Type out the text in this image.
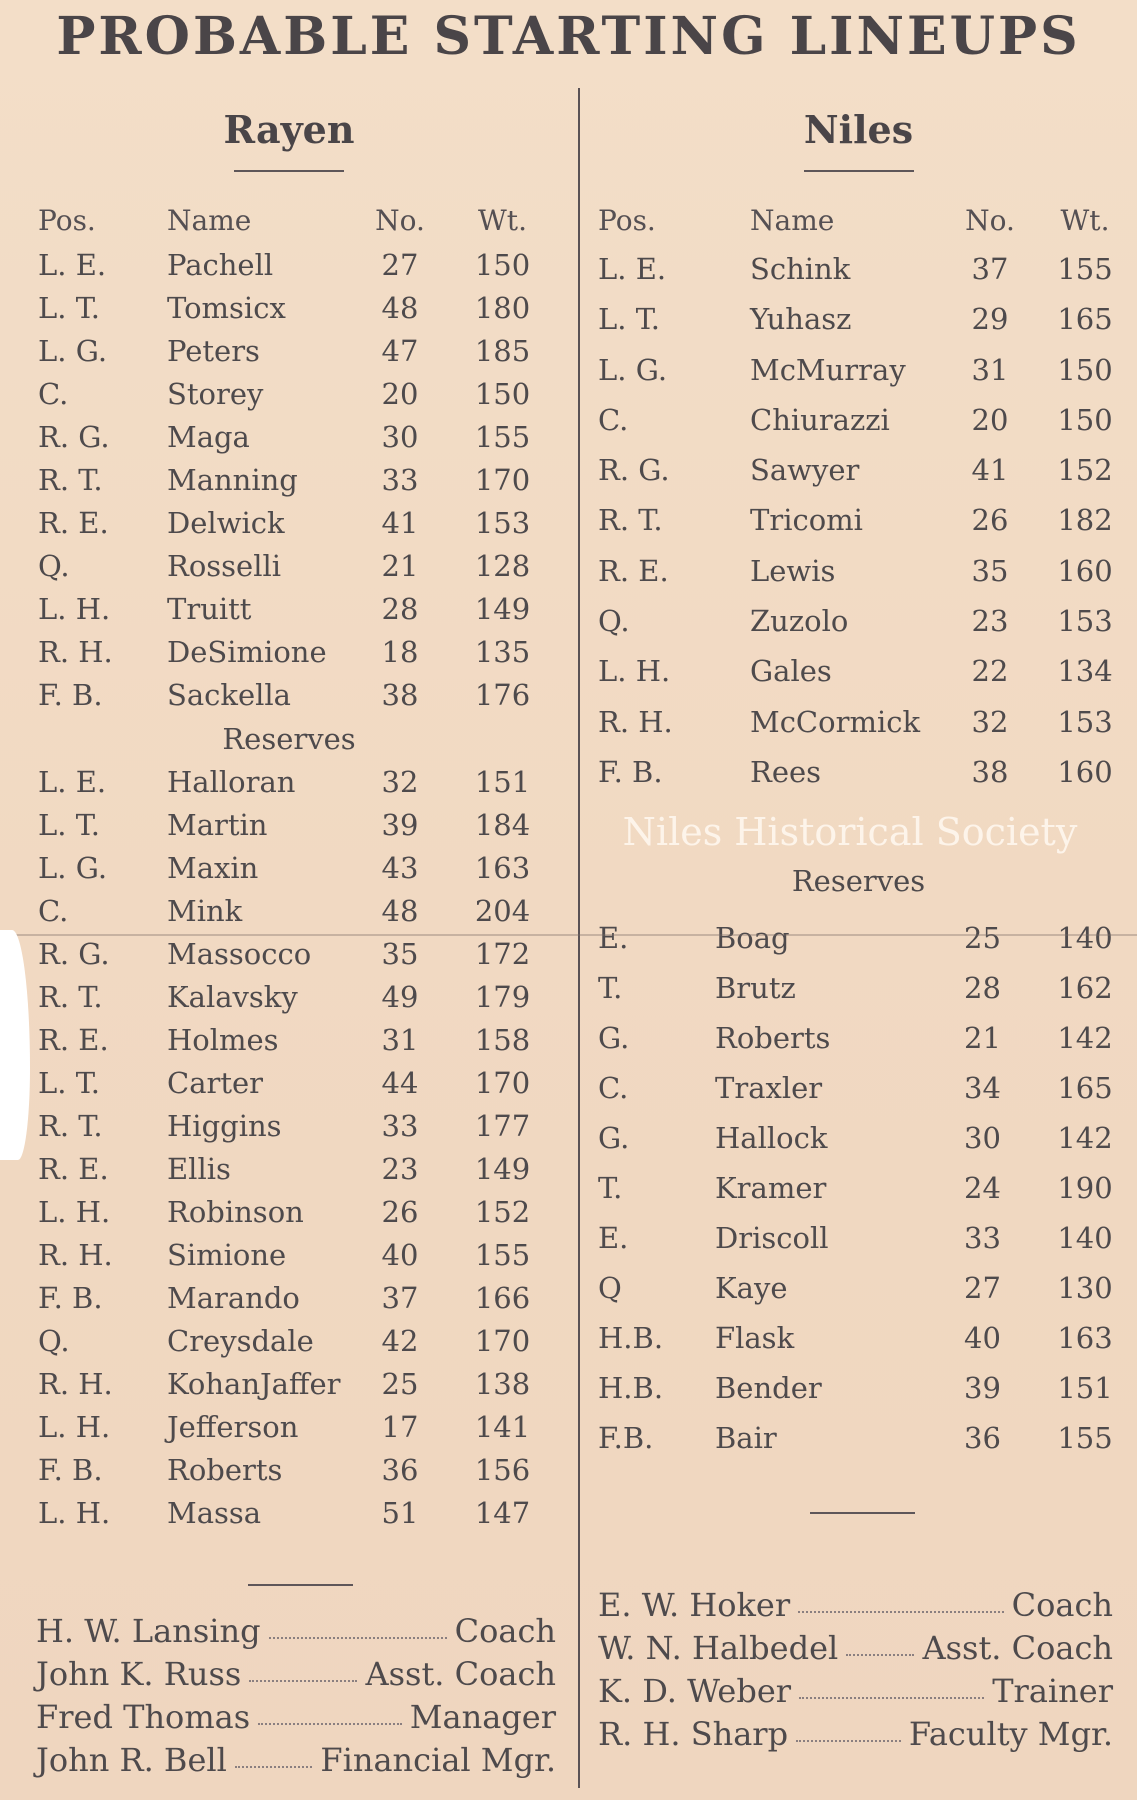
PROBABLE STARTING LINEUPS
Rayen
Pos.	Name	No.	Wt.
L. E.	Pachell	27	150
L. T.	Tomsicx	48	180
L. G.	Peters	47	185
C.	Storey	20	150
R. G.	Maga	30	155
R. T.	Manning	33	170
R. E.	Delwick	41	153
Q.	Rosselli	21	128
L. H.	Truitt	28	149
R. H.	DeSimione	18	135
F. B.	Sackella	38	176
Reserves
L. E.	Halloran	32	151
L. T.	Martin	39	184
L. G.	Maxin	43	163
C.	Mink	48	204
R. G.	Massocco	35	172
R. T.	Kalavsky	49	179
R. E.	Holmes	31	158
L. T.	Carter	44	170
R. T.	Higgins	33	177
R. E.	Ellis	23	149
L. H.	Robinson	26	152
R. H.	Simione	40	155
F. B.	Marando	37	166
Q.	Creysdale	42	170
R. H.	KohanJaffer	25	138
L. H.	Jefferson	17	141
F. B.	Roberts	36	156
L. H.	Massa	51	147
Niles
Pos.	Name	No.	Wt.
L. E.	Schink	37	155
L. T.	Yuhasz	29	165
L. G.	McMurray	31	150
C.	Chiurazzi	20	150
R. G.	Sawyer	41	152
R. T.	Tricomi	26	182
R. E.	Lewis	35	160
Q.	Zuzolo	23	153
L. H.	Gales	22	134
R. H.	McCormick	32	153
F. B.	Rees	38	160
Reserves
E.	Boag	25	140
T.	Brutz	28	162
G.	Roberts	21	142
C.	Traxler	34	165
G.	Hallock	30	142
T.	Kramer	24	190
E.	Driscoll	33	140
Q	Kaye	27	130
H.B.	Flask	40	163
H.B.	Bender	39	151
F.B.	Bair	36	155
Niles Historical Society
H. W. Lansing	Coach
John K. Russ	Asst. Coach
Fred Thomas	Manager
John R. Bell	Financial Mgr.
E. W. Hoker	Coach
W. N. Halbedel	Asst. Coach
K. D. Weber	Trainer
R. H. Sharp	Faculty Mgr.
